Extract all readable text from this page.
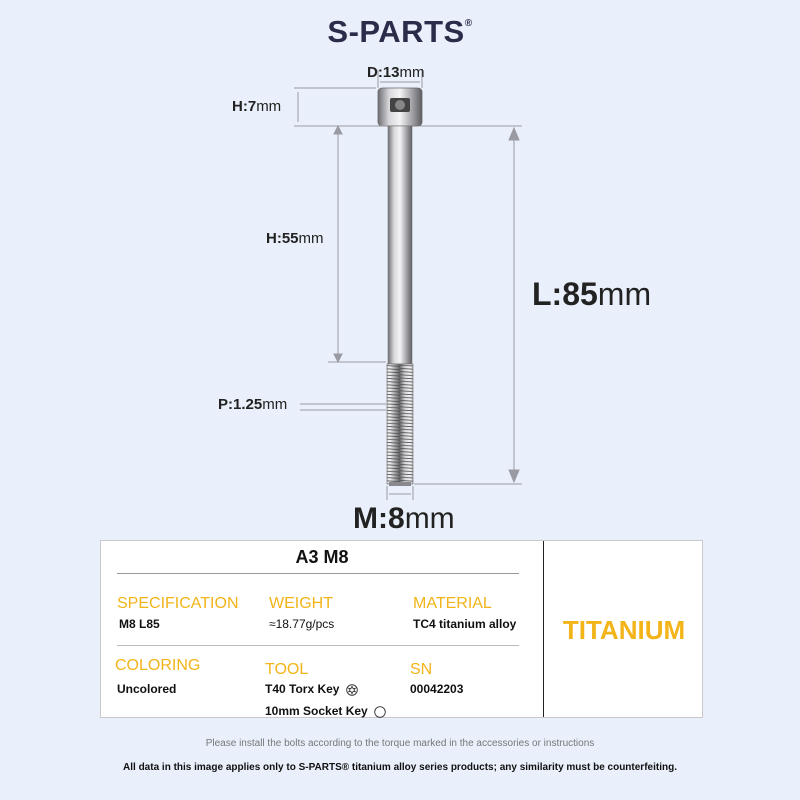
S-PARTS®
D:13mm
H:7mm
H:55mm
P:1.25mm
L:85mm
M:8mm
A3 M8
SPECIFICATION
M8 L85
WEIGHT
≈18.77g/pcs
MATERIAL
TC4 titanium alloy
COLORING
Uncolored
TOOL
T40 Torx Key
10mm Socket Key
SN
00042203
TITANIUM
Please install the bolts according to the torque marked in the accessories or instructions
All data in this image applies only to S-PARTS® titanium alloy series products; any similarity must be counterfeiting.
